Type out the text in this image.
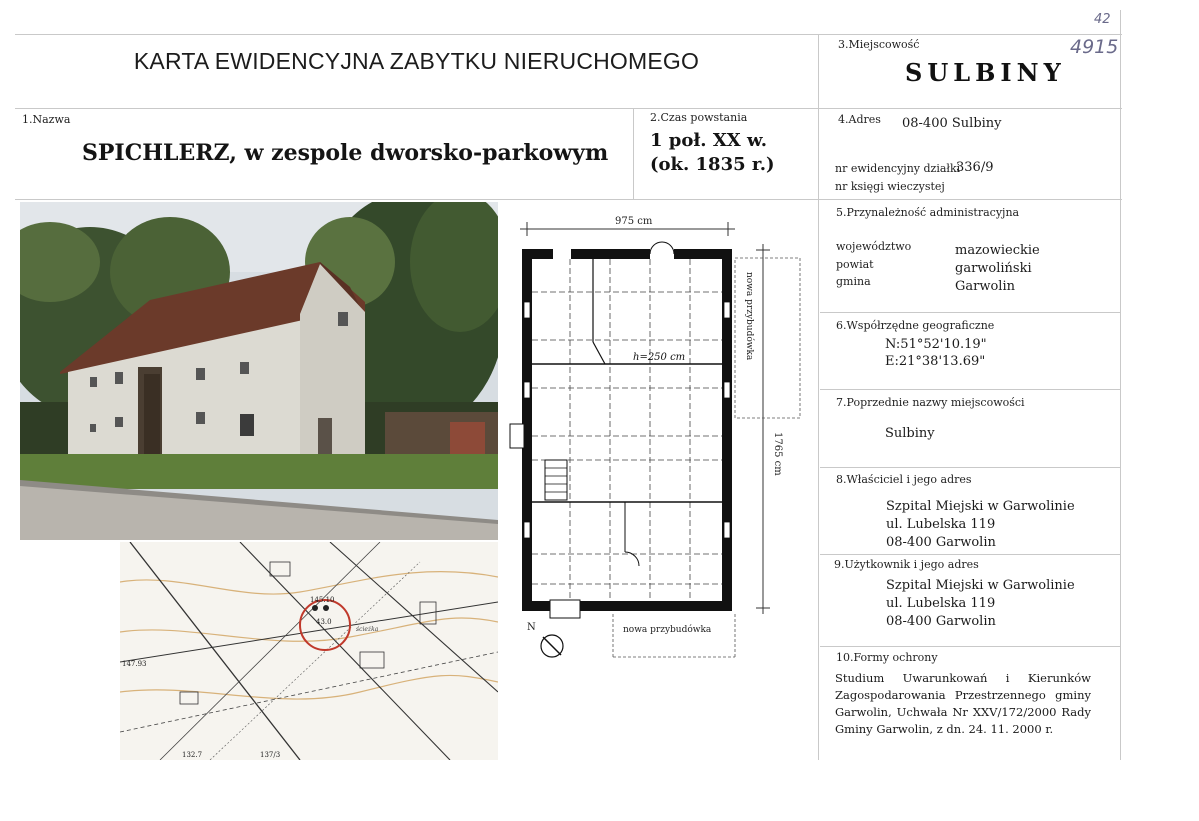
KARTA EWIDENCYJNA ZABYTKU NIERUCHOMEGO
3.Miejscowość
SULBINY
4915
42
1.Nazwa
SPICHLERZ, w zespole dworsko-parkowym
2.Czas powstania
1 poł. XX w.
(ok. 1835 r.)
4.Adres 08-400 Sulbiny
nr ewidencyjny działki
336/9
nr księgi wieczystej
5.Przynależność administracyjna
województwo
powiat
gmina
mazowieckie
garwoliński
Garwolin
6.Współrzędne geograficzne
N:51°52'10.19"
E:21°38'13.69"
7.Poprzednie nazwy miejscowości
Sulbiny
8.Właściciel i jego adres
Szpital Miejski w Garwolinie
ul. Lubelska 119
08-400 Garwolin
9.Użytkownik i jego adres
Szpital Miejski w Garwolinie
ul. Lubelska 119
08-400 Garwolin
10.Formy ochrony
Studium Uwarunkowań i Kierunków Zagospodarowania Przestrzennego gminy Garwolin, Uchwała Nr XXV/172/2000 Rady Gminy Garwolin, z dn. 24. 11. 2000 r.
145.10
147.93
132.7	137/3
ścieżka
43.0
975 cm
1765 cm
nowa przybudówka
h=250 cm
nowa przybudówka
N
